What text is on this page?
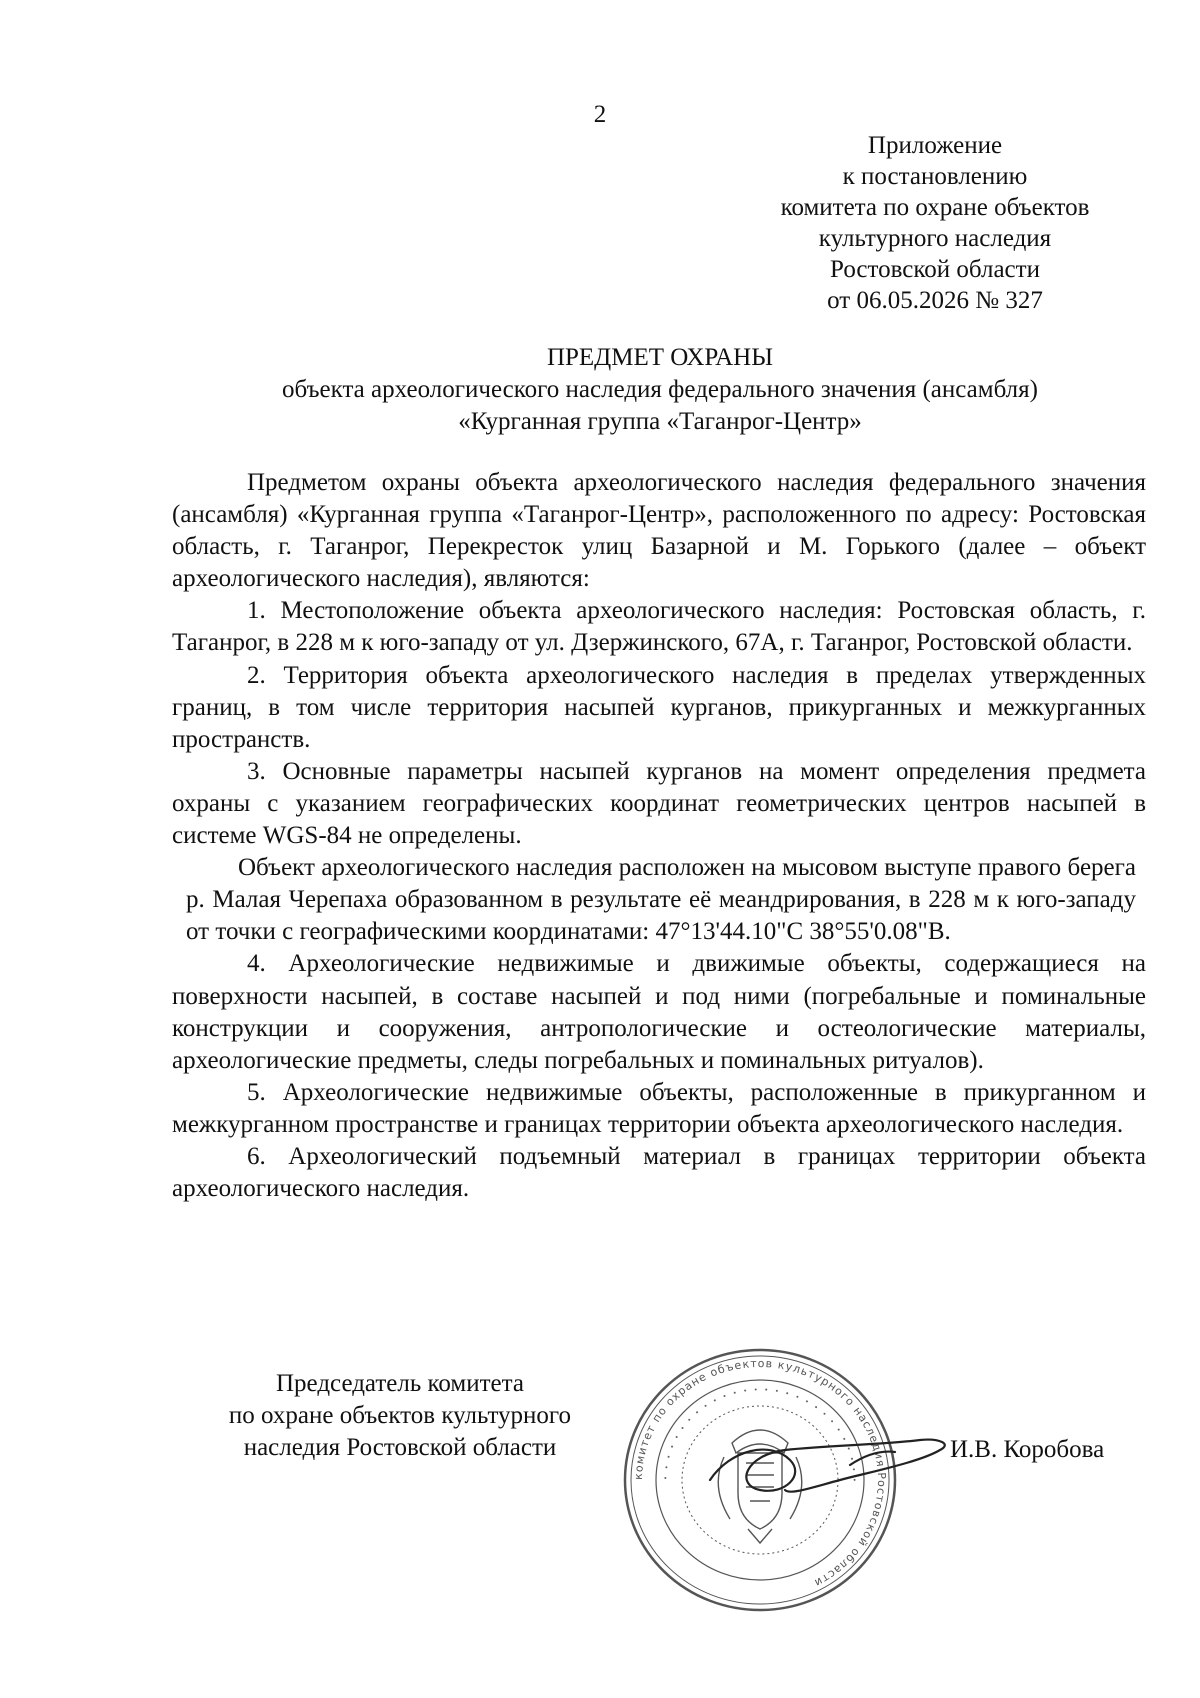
2
Приложение
к постановлению
комитета по охране объектов
культурного наследия
Ростовской области
от 06.05.2026 № 327
ПРЕДМЕТ ОХРАНЫ
объекта археологического наследия федерального значения (ансамбля)
«Курганная группа «Таганрог-Центр»

Предметом охраны объекта археологического наследия федерального значения (ансамбля) «Курганная группа «Таганрог-Центр», расположенного по адресу: Ростовская область, г. Таганрог, Перекресток улиц Базарной и М. Горького (далее – объект археологического наследия), являются:

1. Местоположение объекта археологического наследия: Ростовская область, г. Таганрог, в 228 м к юго-западу от ул. Дзержинского, 67А, г. Таганрог, Ростовской области.

2. Территория объекта археологического наследия в пределах утвержденных границ, в том числе территория насыпей курганов, прикурганных и межкурганных пространств.

3. Основные параметры насыпей курганов на момент определения предмета охраны с указанием географических координат геометрических центров насыпей в системе WGS-84 не определены.

Объект археологического наследия расположен на мысовом выступе правого берега р. Малая Черепаха образованном в результате её меандрирования, в 228 м к юго-западу от точки с географическими координатами: 47°13'44.10"С 38°55'0.08"В.

4. Археологические недвижимые и движимые объекты, содержащиеся на поверхности насыпей, в составе насыпей и под ними (погребальные и поминальные конструкции и сооружения, антропологические и остеологические материалы, археологические предметы, следы погребальных и поминальных ритуалов).

5. Археологические недвижимые объекты, расположенные в прикурганном и межкурганном пространстве и границах территории объекта археологического наследия.

6. Археологический подъемный материал в границах территории объекта археологического наследия.

Председатель комитета
по охране объектов культурного
наследия Ростовской области
комитет по охране объектов культурного наследия Ростовской области
• • • • • • • • • • • • • • • • • • • • • • • • • • • •
И.В. Коробова
